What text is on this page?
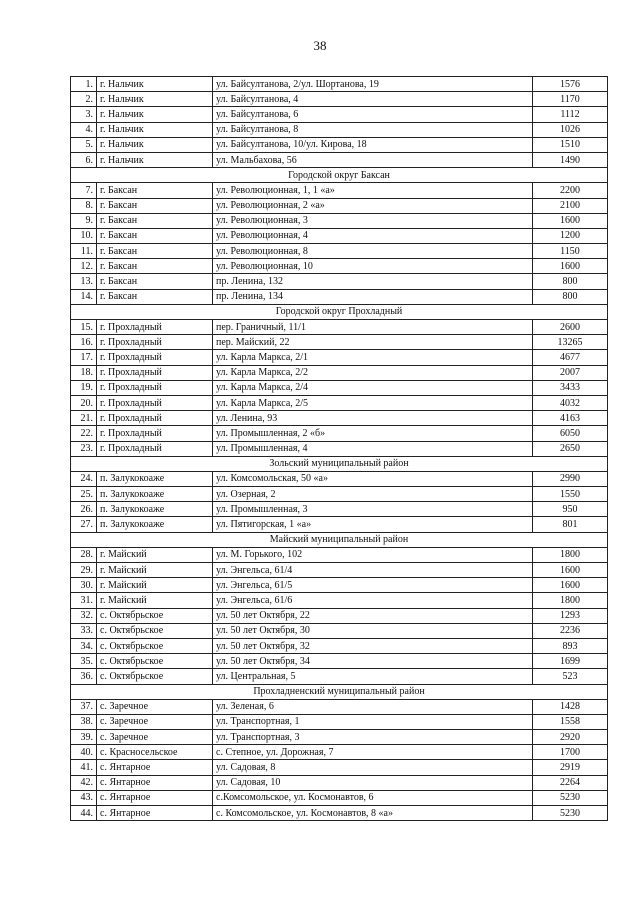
38
1.	г. Нальчик	ул. Байсултанова, 2/ул. Шортанова, 19	1576
2.	г. Нальчик	ул. Байсултанова, 4	1170
3.	г. Нальчик	ул. Байсултанова, 6	1112
4.	г. Нальчик	ул. Байсултанова, 8	1026
5.	г. Нальчик	ул. Байсултанова, 10/ул. Кирова, 18	1510
6.	г. Нальчик	ул. Мальбахова, 56	1490
Городской округ Баксан			
7.	г. Баксан	ул. Революционная, 1, 1 «а»	2200
8.	г. Баксан	ул. Революционная, 2 «а»	2100
9.	г. Баксан	ул. Революционная, 3	1600
10.	г. Баксан	ул. Революционная, 4	1200
11.	г. Баксан	ул. Революционная, 8	1150
12.	г. Баксан	ул. Революционная, 10	1600
13.	г. Баксан	пр. Ленина, 132	800
14.	г. Баксан	пр. Ленина, 134	800
Городской округ Прохладный			
15.	г. Прохладный	пер. Граничный, 11/1	2600
16.	г. Прохладный	пер. Майский, 22	13265
17.	г. Прохладный	ул. Карла Маркса, 2/1	4677
18.	г. Прохладный	ул. Карла Маркса, 2/2	2007
19.	г. Прохладный	ул. Карла Маркса, 2/4	3433
20.	г. Прохладный	ул. Карла Маркса, 2/5	4032
21.	г. Прохладный	ул. Ленина, 93	4163
22.	г. Прохладный	ул. Промышленная, 2 «б»	6050
23.	г. Прохладный	ул. Промышленная, 4	2650
Зольский муниципальный район			
24.	п. Залукокоаже	ул. Комсомольская, 50 «а»	2990
25.	п. Залукокоаже	ул. Озерная, 2	1550
26.	п. Залукокоаже	ул. Промышленная, 3	950
27.	п. Залукокоаже	ул. Пятигорская, 1 «а»	801
Майский муниципальный район			
28.	г. Майский	ул. М. Горького, 102	1800
29.	г. Майский	ул. Энгельса, 61/4	1600
30.	г. Майский	ул. Энгельса, 61/5	1600
31.	г. Майский	ул. Энгельса, 61/6	1800
32.	с. Октябрьское	ул. 50 лет Октября, 22	1293
33.	с. Октябрьское	ул. 50 лет Октября, 30	2236
34.	с. Октябрьское	ул. 50 лет Октября, 32	893
35.	с. Октябрьское	ул. 50 лет Октября, 34	1699
36.	с. Октябрьское	ул. Центральная, 5	523
Прохладненский муниципальный район			
37.	с. Заречное	ул. Зеленая, 6	1428
38.	с. Заречное	ул. Транспортная, 1	1558
39.	с. Заречное	ул. Транспортная, 3	2920
40.	с. Красносельское	с. Степное, ул. Дорожная, 7	1700
41.	с. Янтарное	ул. Садовая, 8	2919
42.	с. Янтарное	ул. Садовая, 10	2264
43.	с. Янтарное	с.Комсомольское, ул. Космонавтов, 6	5230
44.	с. Янтарное	с. Комсомольское, ул. Космонавтов, 8 «а»	5230
